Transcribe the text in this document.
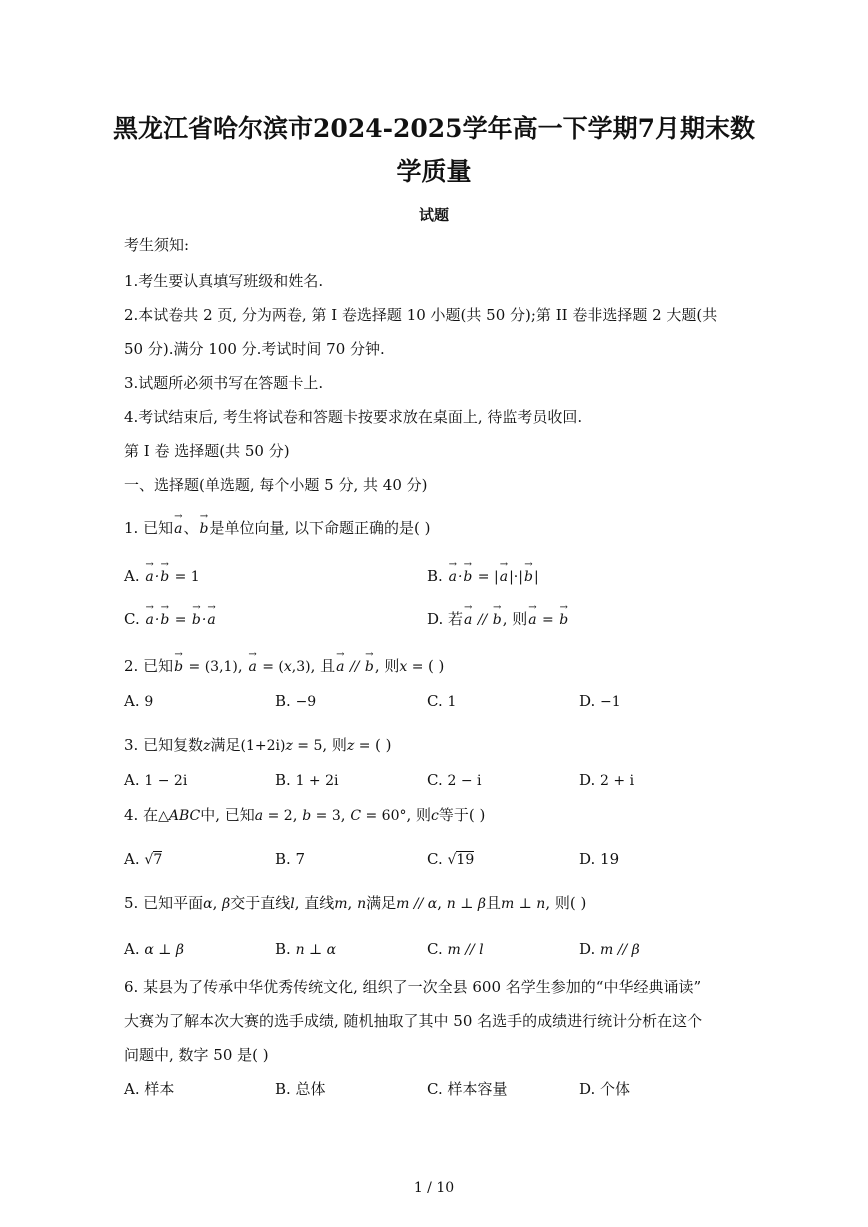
黑龙江省哈尔滨市2024-2025学年高一下学期7月期末数
学质量
试题
考生须知:
1.考生要认真填写班级和姓名.
2.本试卷共 2 页, 分为两卷, 第 I 卷选择题 10 小题(共 50 分);第 II 卷非选择题 2 大题(共
50 分).满分 100 分.考试时间 70 分钟.
3.试题所必须书写在答题卡上.
4.考试结束后, 考生将试卷和答题卡按要求放在桌面上, 待监考员收回.
第 I 卷 选择题(共 50 分)
一、选择题(单选题, 每个小题 5 分, 共 40 分)
1. 已知→ a、→ b是单位向量, 以下命题正确的是( )
A. → a·→ b = 1	B. → a·→ b = |→ a|·|→ b|
C. → a·→ b = → b·→ a	D. 若→ a // → b, 则→ a = → b
2. 已知→ b = (3,1), → a = (x,3), 且→ a // → b, 则x = ( )
A. 9	B. −9	C. 1	D. −1
3. 已知复数z满足(1+2i)z = 5, 则z = ( )
A. 1 − 2i	B. 1 + 2i	C. 2 − i	D. 2 + i
4. 在△ABC中, 已知a = 2, b = 3, C = 60°, 则c等于( )
A. √7	B. 7	C. √19	D. 19
5. 已知平面α, β交于直线l, 直线m, n满足m // α, n ⊥ β且m ⊥ n, 则( )
A. α ⊥ β	B. n ⊥ α	C. m // l	D. m // β
6. 某县为了传承中华优秀传统文化, 组织了一次全县 600 名学生参加的“中华经典诵读”
大赛为了解本次大赛的选手成绩, 随机抽取了其中 50 名选手的成绩进行统计分析在这个
问题中, 数字 50 是( )
A. 样本	B. 总体	C. 样本容量	D. 个体
1 / 10
